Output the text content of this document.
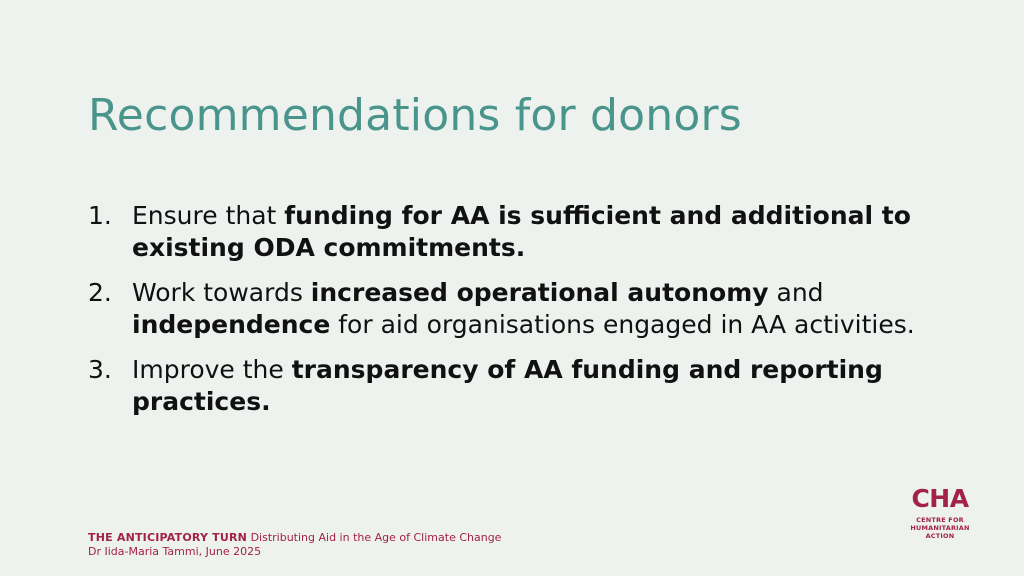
Recommendations for donors
1. Ensure that funding for AA is sufficient and additional to existing ODA commitments.
2. Work towards increased operational autonomy and independence for aid organisations engaged in AA activities.
3. Improve the transparency of AA funding and reporting practices.
THE ANTICIPATORY TURN Distributing Aid in the Age of Climate Change
Dr Iida-Maria Tammi, June 2025
CHA
CENTRE FOR
HUMANITARIAN
ACTION
